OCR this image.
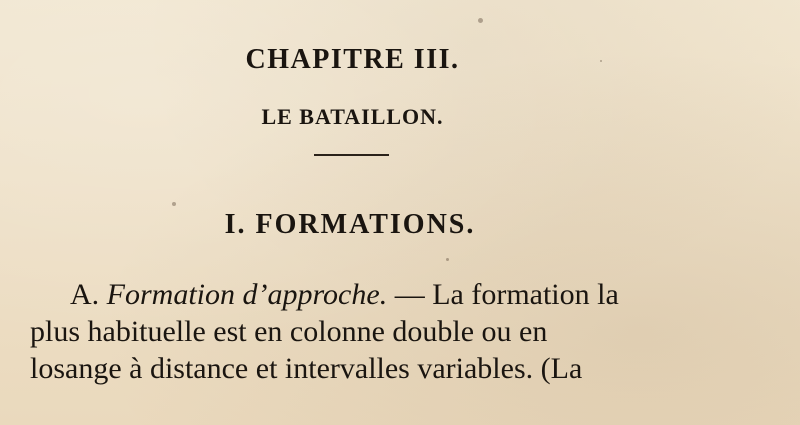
CHAPITRE III.
LE BATAILLON.
I. FORMATIONS.
A. Formation d’approche. — La formation la
plus habituelle est en colonne double ou en
losange à distance et intervalles variables. (La
